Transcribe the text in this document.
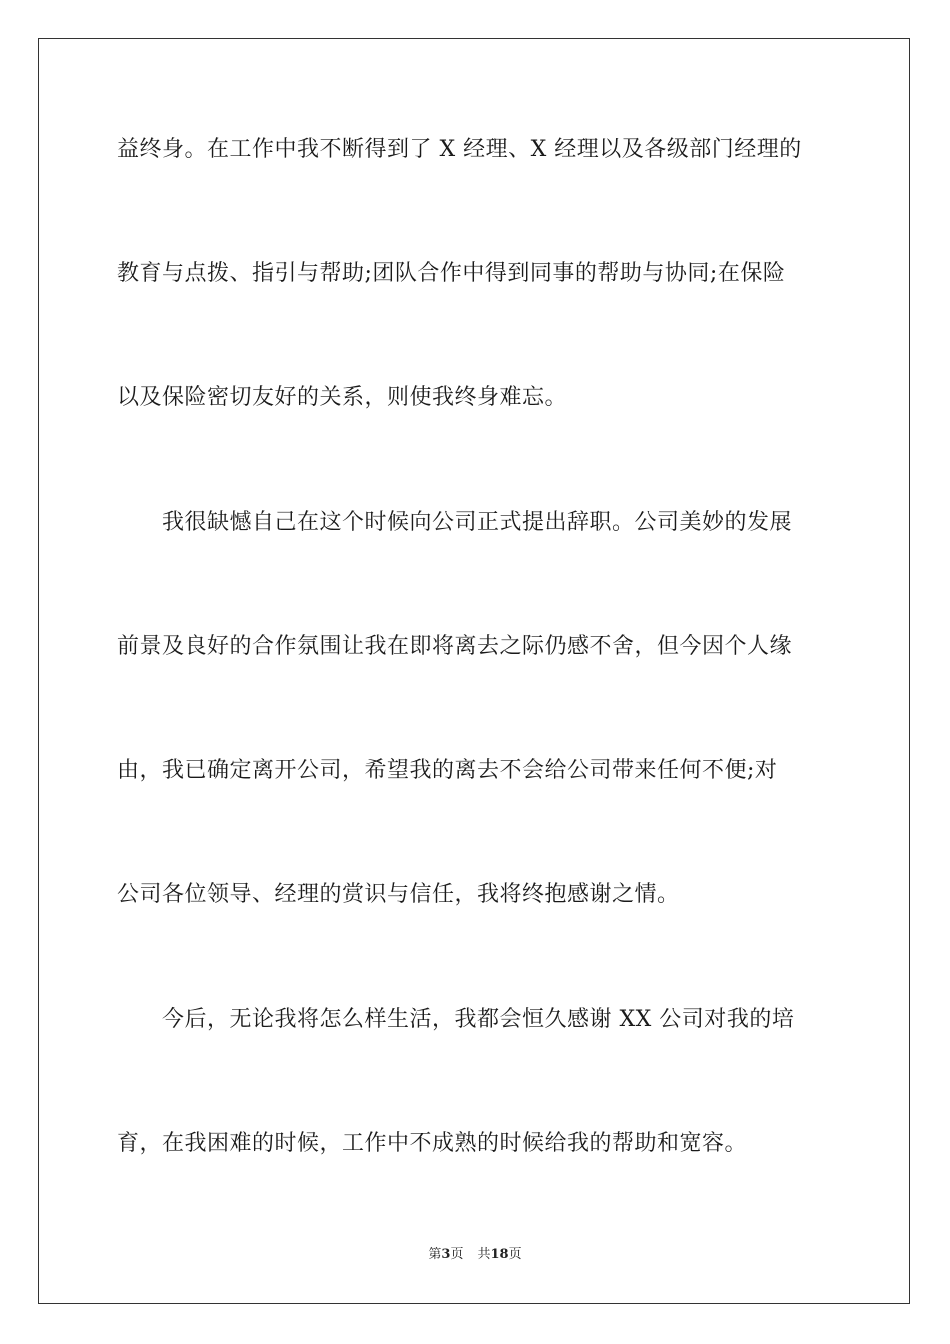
益终身。在工作中我不断得到了 X 经理、X 经理以及各级部门经理的
教育与点拨、指引与帮助;团队合作中得到同事的帮助与协同;在保险
以及保险密切友好的关系，则使我终身难忘。
　　我很缺憾自己在这个时候向公司正式提出辞职。公司美妙的发展
前景及良好的合作氛围让我在即将离去之际仍感不舍，但今因个人缘
由，我已确定离开公司，希望我的离去不会给公司带来任何不便;对
公司各位领导、经理的赏识与信任，我将终抱感谢之情。
　　今后，无论我将怎么样生活，我都会恒久感谢 XX 公司对我的培
育，在我困难的时候，工作中不成熟的时候给我的帮助和宽容。
第3页 共18页
